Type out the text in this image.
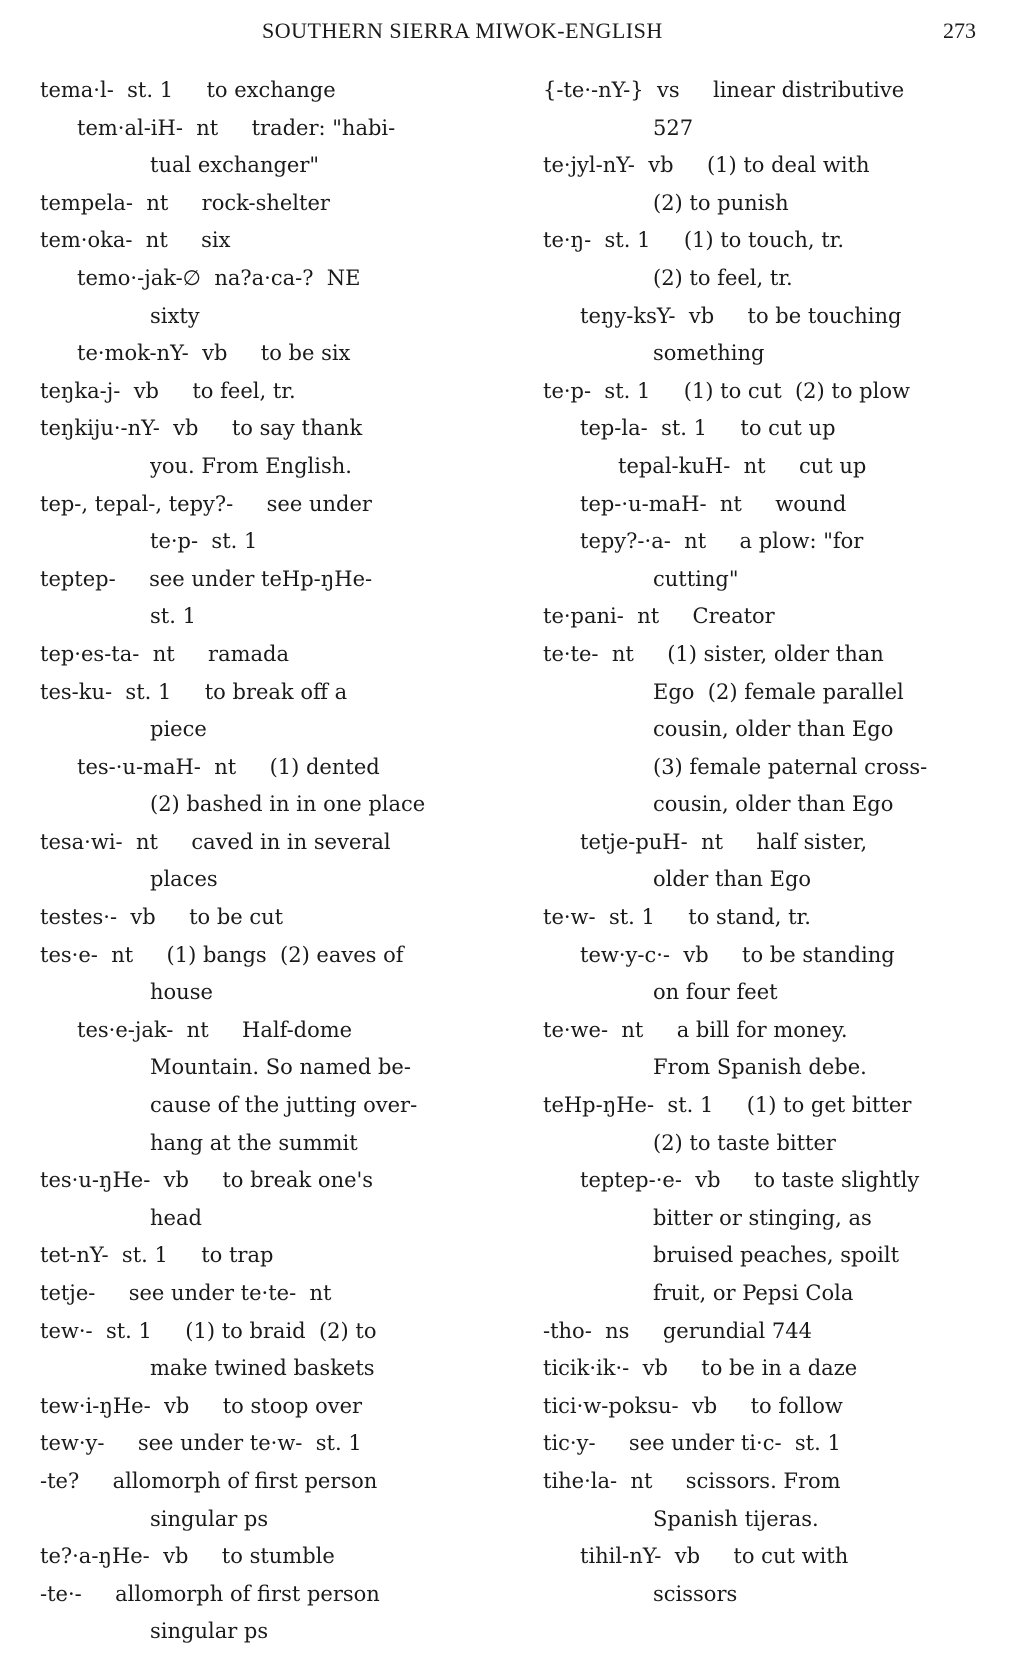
SOUTHERN SIERRA MIWOK-ENGLISH	273
tema·l-  st. 1     to exchange
tem·al-iH-  nt     trader: "habi-
tual exchanger"
tempela-  nt     rock-shelter
tem·oka-  nt     six
temo·-jak-∅  na?a·ca-?  NE
sixty
te·mok-nY-  vb     to be six
teŋka-j-  vb     to feel, tr.
teŋkiju·-nY-  vb     to say thank
you. From English.
tep-, tepal-, tepy?-     see under
te·p-  st. 1
teptep-     see under teHp-ŋHe-
st. 1
tep·es-ta-  nt     ramada
tes-ku-  st. 1     to break off a
piece
tes-·u-maH-  nt     (1) dented
(2) bashed in in one place
tesa·wi-  nt     caved in in several
places
testes·-  vb     to be cut
tes·e-  nt     (1) bangs  (2) eaves of
house
tes·e-jak-  nt     Half-dome
Mountain. So named be-
cause of the jutting over-
hang at the summit
tes·u-ŋHe-  vb     to break one's
head
tet-nY-  st. 1     to trap
tetje-     see under te·te-  nt
tew·-  st. 1     (1) to braid  (2) to
make twined baskets
tew·i-ŋHe-  vb     to stoop over
tew·y-     see under te·w-  st. 1
-te?     allomorph of first person
singular ps
te?·a-ŋHe-  vb     to stumble
-te·-     allomorph of first person
singular ps
{-te·-nY-}  vs     linear distributive
527
te·jyl-nY-  vb     (1) to deal with
(2) to punish
te·ŋ-  st. 1     (1) to touch, tr.
(2) to feel, tr.
teŋy-ksY-  vb     to be touching
something
te·p-  st. 1     (1) to cut  (2) to plow
tep-la-  st. 1     to cut up
tepal-kuH-  nt     cut up
tep-·u-maH-  nt     wound
tepy?-·a-  nt     a plow: "for
cutting"
te·pani-  nt     Creator
te·te-  nt     (1) sister, older than
Ego  (2) female parallel
cousin, older than Ego
(3) female paternal cross-
cousin, older than Ego
tetje-puH-  nt     half sister,
older than Ego
te·w-  st. 1     to stand, tr.
tew·y-c·-  vb     to be standing
on four feet
te·we-  nt     a bill for money.
From Spanish debe.
teHp-ŋHe-  st. 1     (1) to get bitter
(2) to taste bitter
teptep-·e-  vb     to taste slightly
bitter or stinging, as
bruised peaches, spoilt
fruit, or Pepsi Cola
-tho-  ns     gerundial 744
ticik·ik·-  vb     to be in a daze
tici·w-poksu-  vb     to follow
tic·y-     see under ti·c-  st. 1
tihe·la-  nt     scissors. From
Spanish tijeras.
tihil-nY-  vb     to cut with
scissors
